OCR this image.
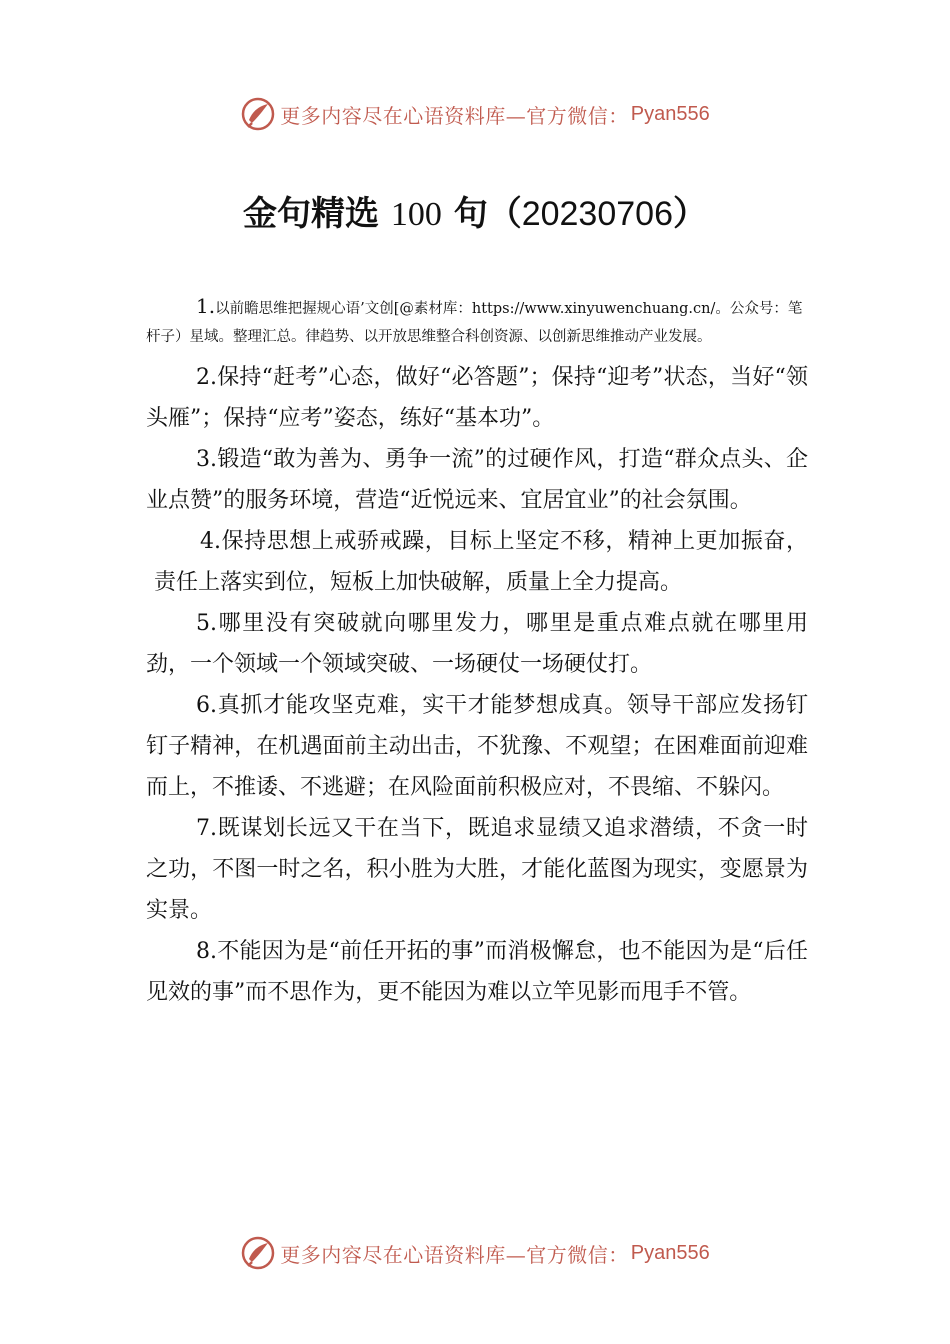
更多内容尽在心语资料库—官方微信： Pyan556
金句精选 100 句（20230706）

1.以前瞻思维把握规心语’文创[@素材库：https://www.xinyuwenchuang.cn/。公众号：笔杆子）星域。整理汇总。律趋势、以开放思维整合科创资源、以创新思维推动产业发展。

2.保持“赶考”心态，做好“必答题”；保持“迎考”状态，当好“领头雁”；保持“应考”姿态，练好“基本功”。

3.锻造“敢为善为、勇争一流”的过硬作风，打造“群众点头、企业点赞”的服务环境，营造“近悦远来、宜居宜业”的社会氛围。

4.保持思想上戒骄戒躁，目标上坚定不移，精神上更加振奋，责任上落实到位，短板上加快破解，质量上全力提高。

5.哪里没有突破就向哪里发力，哪里是重点难点就在哪里用劲，一个领域一个领域突破、一场硬仗一场硬仗打。

6.真抓才能攻坚克难，实干才能梦想成真。领导干部应发扬钉钉子精神，在机遇面前主动出击，不犹豫、不观望；在困难面前迎难而上，不推诿、不逃避；在风险面前积极应对，不畏缩、不躲闪。

7.既谋划长远又干在当下，既追求显绩又追求潜绩，不贪一时之功，不图一时之名，积小胜为大胜，才能化蓝图为现实，变愿景为实景。

8.不能因为是“前任开拓的事”而消极懈怠，也不能因为是“后任见效的事”而不思作为，更不能因为难以立竿见影而甩手不管。

更多内容尽在心语资料库—官方微信： Pyan556
